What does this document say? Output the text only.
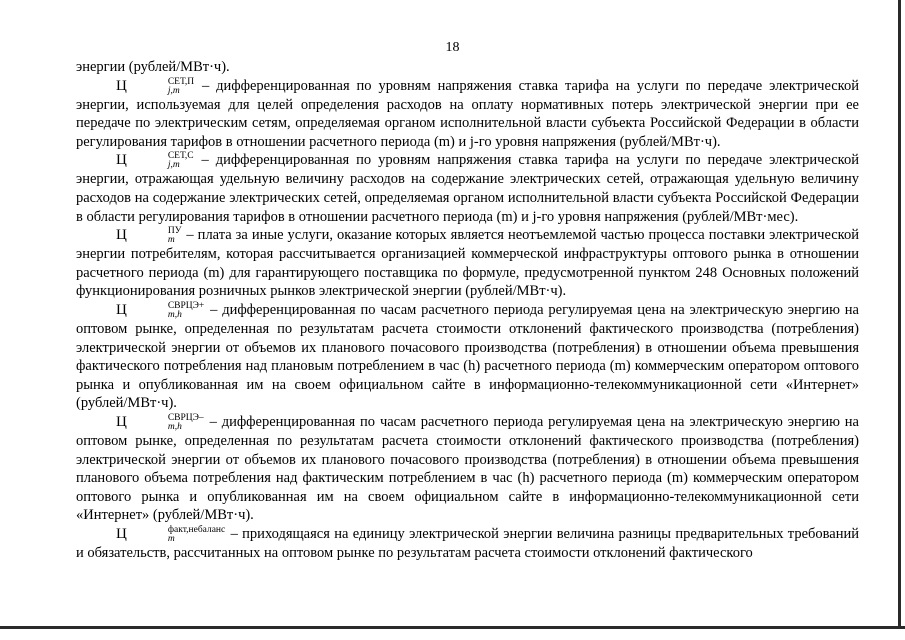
18

энергии (рублей/МВт·ч).

Ц	СЕТ,П
j,m	– дифференцированная по уровням напряжения ставка тарифа на услуги по передаче электрической энергии, используемая для целей определения расходов на оплату нормативных потерь электрической энергии при ее передаче по электрическим сетям, определяемая органом исполнительной власти субъекта Российской Федерации в области регулирования тарифов в отношении расчетного периода (m) и j-го уровня напряжения (рублей/МВт·ч).

Ц	СЕТ,С
j,m	– дифференцированная по уровням напряжения ставка тарифа на услуги по передаче электрической энергии, отражающая удельную величину расходов на содержание электрических сетей, отражающая удельную величину расходов на содержание электрических сетей, определяемая органом исполнительной власти субъекта Российской Федерации в области регулирования тарифов в отношении расчетного периода (m) и j-го уровня напряжения (рублей/МВт·мес).

Ц	ПУ
m – плата за иные услуги, оказание которых является неотъемлемой частью процесса поставки электрической энергии потребителям, которая рассчитывается организацией коммерческой инфраструктуры оптового рынка в отношении расчетного периода (m) для гарантирующего поставщика по формуле, предусмотренной пунктом 248 Основных положений функционирования розничных рынков электрической энергии (рублей/МВт·ч).

Ц	СВРЦЭ+
m,h	– дифференцированная по часам расчетного периода регулируемая цена на электрическую энергию на оптовом рынке, определенная по результатам расчета стоимости отклонений фактического производства (потребления) электрической энергии от объемов их планового почасового производства (потребления) в отношении объема превышения фактического потребления над плановым потреблением в час (h) расчетного периода (m) коммерческим оператором оптового рынка и опубликованная им на своем официальном сайте в информационно-телекоммуникационной сети «Интернет» (рублей/МВт·ч).

Ц	СВРЦЭ–
m,h	– дифференцированная по часам расчетного периода регулируемая цена на электрическую энергию на оптовом рынке, определенная по результатам расчета стоимости отклонений фактического производства (потребления) электрической энергии от объемов их планового почасового производства (потребления) в отношении объема превышения планового объема потребления над фактическим потреблением в час (h) расчетного периода (m) коммерческим оператором оптового рынка и опубликованная им на своем официальном сайте в информационно-телекоммуникационной сети «Интернет» (рублей/МВт·ч).

Ц	факт,небаланс
m	– приходящаяся на единицу электрической энергии величина разницы предварительных требований и обязательств, рассчитанных на оптовом рынке по результатам расчета стоимости отклонений фактического
